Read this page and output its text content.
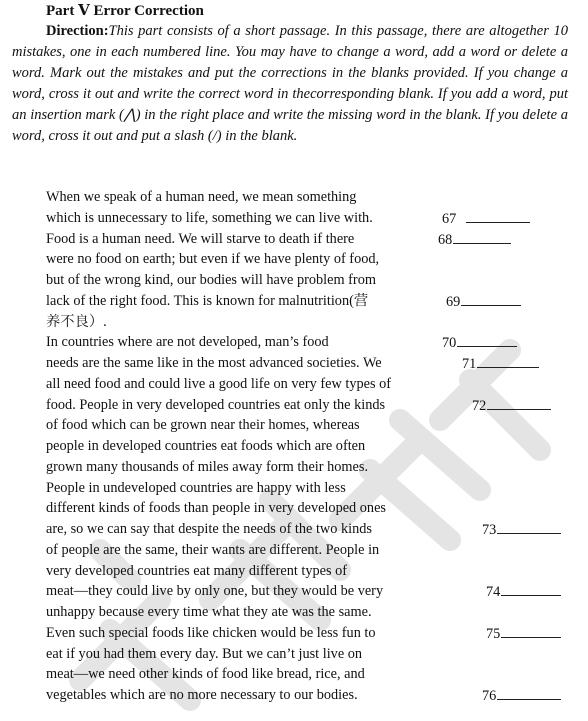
Part Ⅴ Error Correction
Direction:This part consists of a short passage. In this passage, there are altogether 10 mistakes, one in each numbered line. You may have to change a word, add a word or delete a word. Mark out the mistakes and put the corrections in the blanks provided. If you change a word, cross it out and write the correct word in thecorresponding blank. If you add a word, put an insertion mark (⋀) in the right place and write the missing word in the blank. If you delete a word, cross it out and put a slash (/) in the blank.
When we speak of a human need, we mean something
which is unnecessary to life, something we can live with.	67
Food is a human need. We will starve to death if there	68
were no food on earth; but even if we have plenty of food,
but of the wrong kind, our bodies will have problem from
lack of the right food. This is known for malnutrition(营	69
养不良）.
In countries where are not developed, man’s food	70
needs are the same like in the most advanced societies. We	71
all need food and could live a good life on very few types of
food. People in very developed countries eat only the kinds	72
of food which can be grown near their homes, whereas
people in developed countries eat foods which are often
grown many thousands of miles away form their homes.
People in undeveloped countries are happy with less
different kinds of foods than people in very developed ones
are, so we can say that despite the needs of the two kinds	73
of people are the same, their wants are different. People in
very developed countries eat many different types of
meat—they could live by only one, but they would be very	74
unhappy because every time what they ate was the same.
Even such special foods like chicken would be less fun to	75
eat if you had them every day. But we can’t just live on
meat—we need other kinds of food like bread, rice, and
vegetables which are no more necessary to our bodies.	76
